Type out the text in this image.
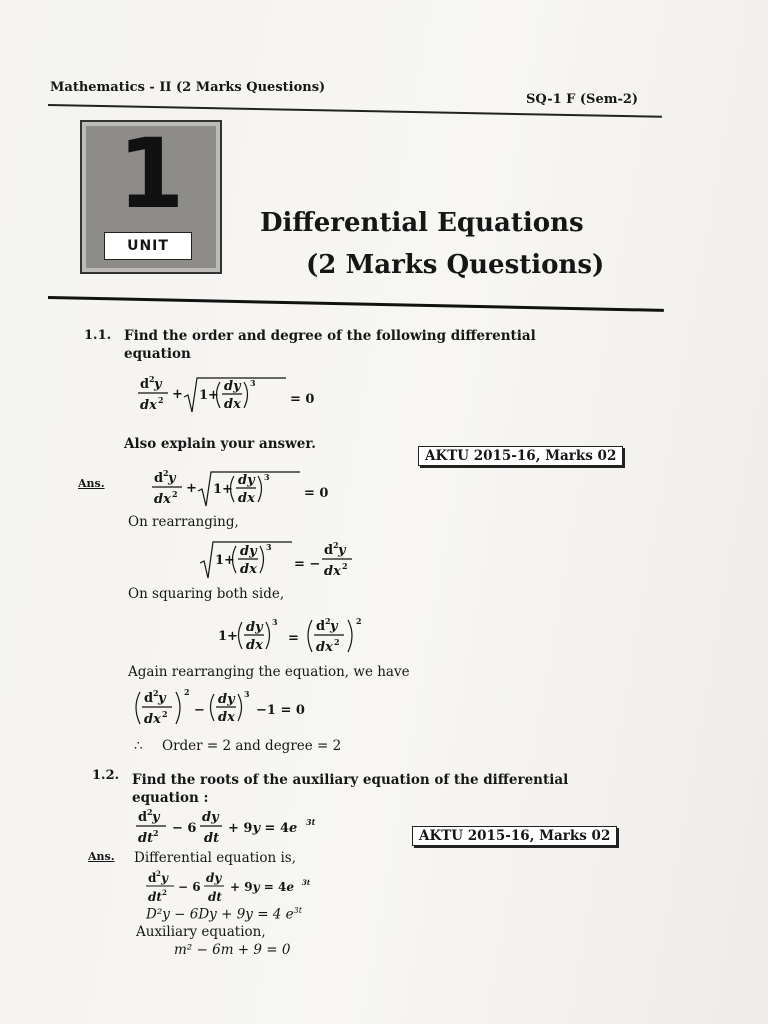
Mathematics - II (2 Marks Questions)
SQ-1 F (Sem-2)
1
UNIT
Differential Equations
(2 Marks Questions)
1.1. Find the order and degree of the following differential
equation
d 2 y
dx 2 + 1+
dy
dx
3
= 0
Also explain your answer.
AKTU 2015-16, Marks 02
Ans.	d 2 y
dx 2 + 1+
dy
dx
3
= 0
On rearranging,
1+
dy
dx
3
= −
d 2 y
dx 2
On squaring both side,
1+
dy
dx
3
=
d 2 y
dx 2
2
Again rearranging the equation, we have
d 2 y
dx 2
2
−
dy
dx
3
−1 = 0
∴ Order = 2 and degree = 2
1.2. Find the roots of the auxiliary equation of the differential
equation :
d 2 y
dt 2 − 6
dy
dt
+ 9y = 4e 3t
AKTU 2015-16, Marks 02
Ans. Differential equation is,
d 2 y
dt 2 − 6
dy
dt
+ 9y = 4e 3t
D²y − 6Dy + 9y = 4 $e^{3t}$
Auxiliary equation,
m² − 6m + 9 = 0
